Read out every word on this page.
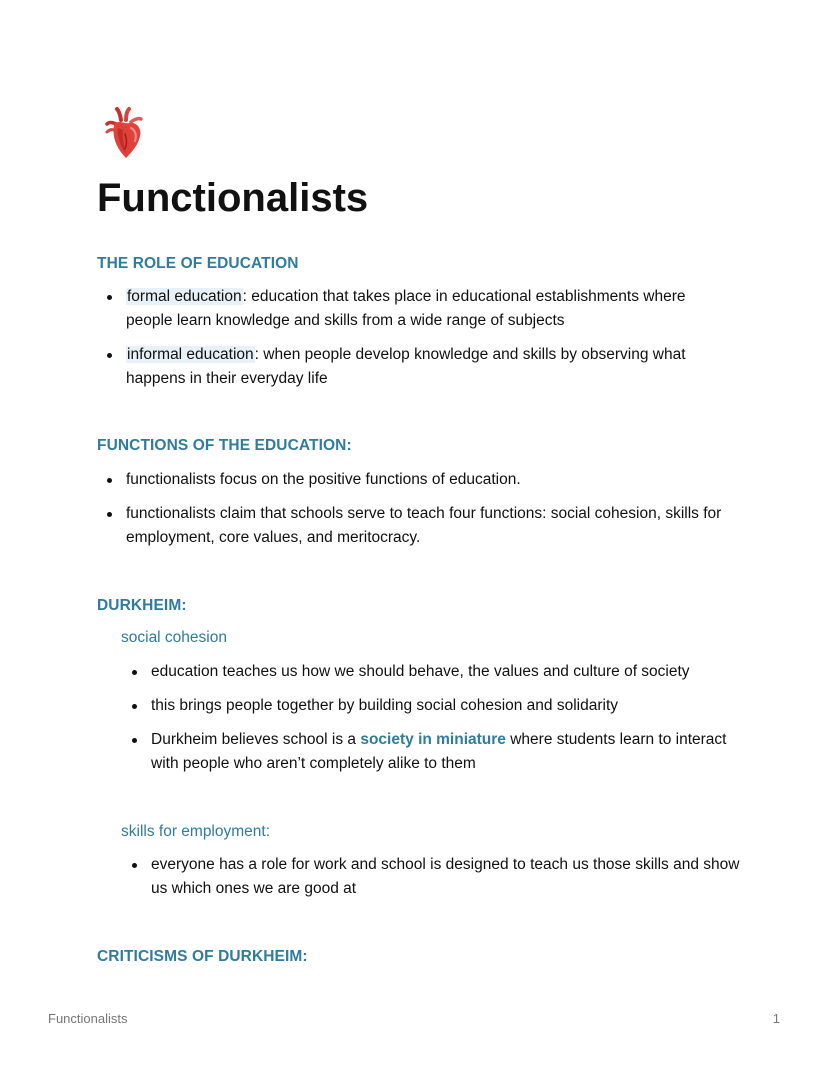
Functionalists
THE ROLE OF EDUCATION
formal education: education that takes place in educational establishments where people learn knowledge and skills from a wide range of subjects
informal education: when people develop knowledge and skills by observing what happens in their everyday life
FUNCTIONS OF THE EDUCATION:
functionalists focus on the positive functions of education.
functionalists claim that schools serve to teach four functions: social cohesion, skills for employment, core values, and meritocracy.
DURKHEIM:
social cohesion
education teaches us how we should behave, the values and culture of society
this brings people together by building social cohesion and solidarity
Durkheim believes school is a society in miniature where students learn to interact with people who aren’t completely alike to them
skills for employment:
everyone has a role for work and school is designed to teach us those skills and show us which ones we are good at
CRITICISMS OF DURKHEIM:
Functionalists	1
